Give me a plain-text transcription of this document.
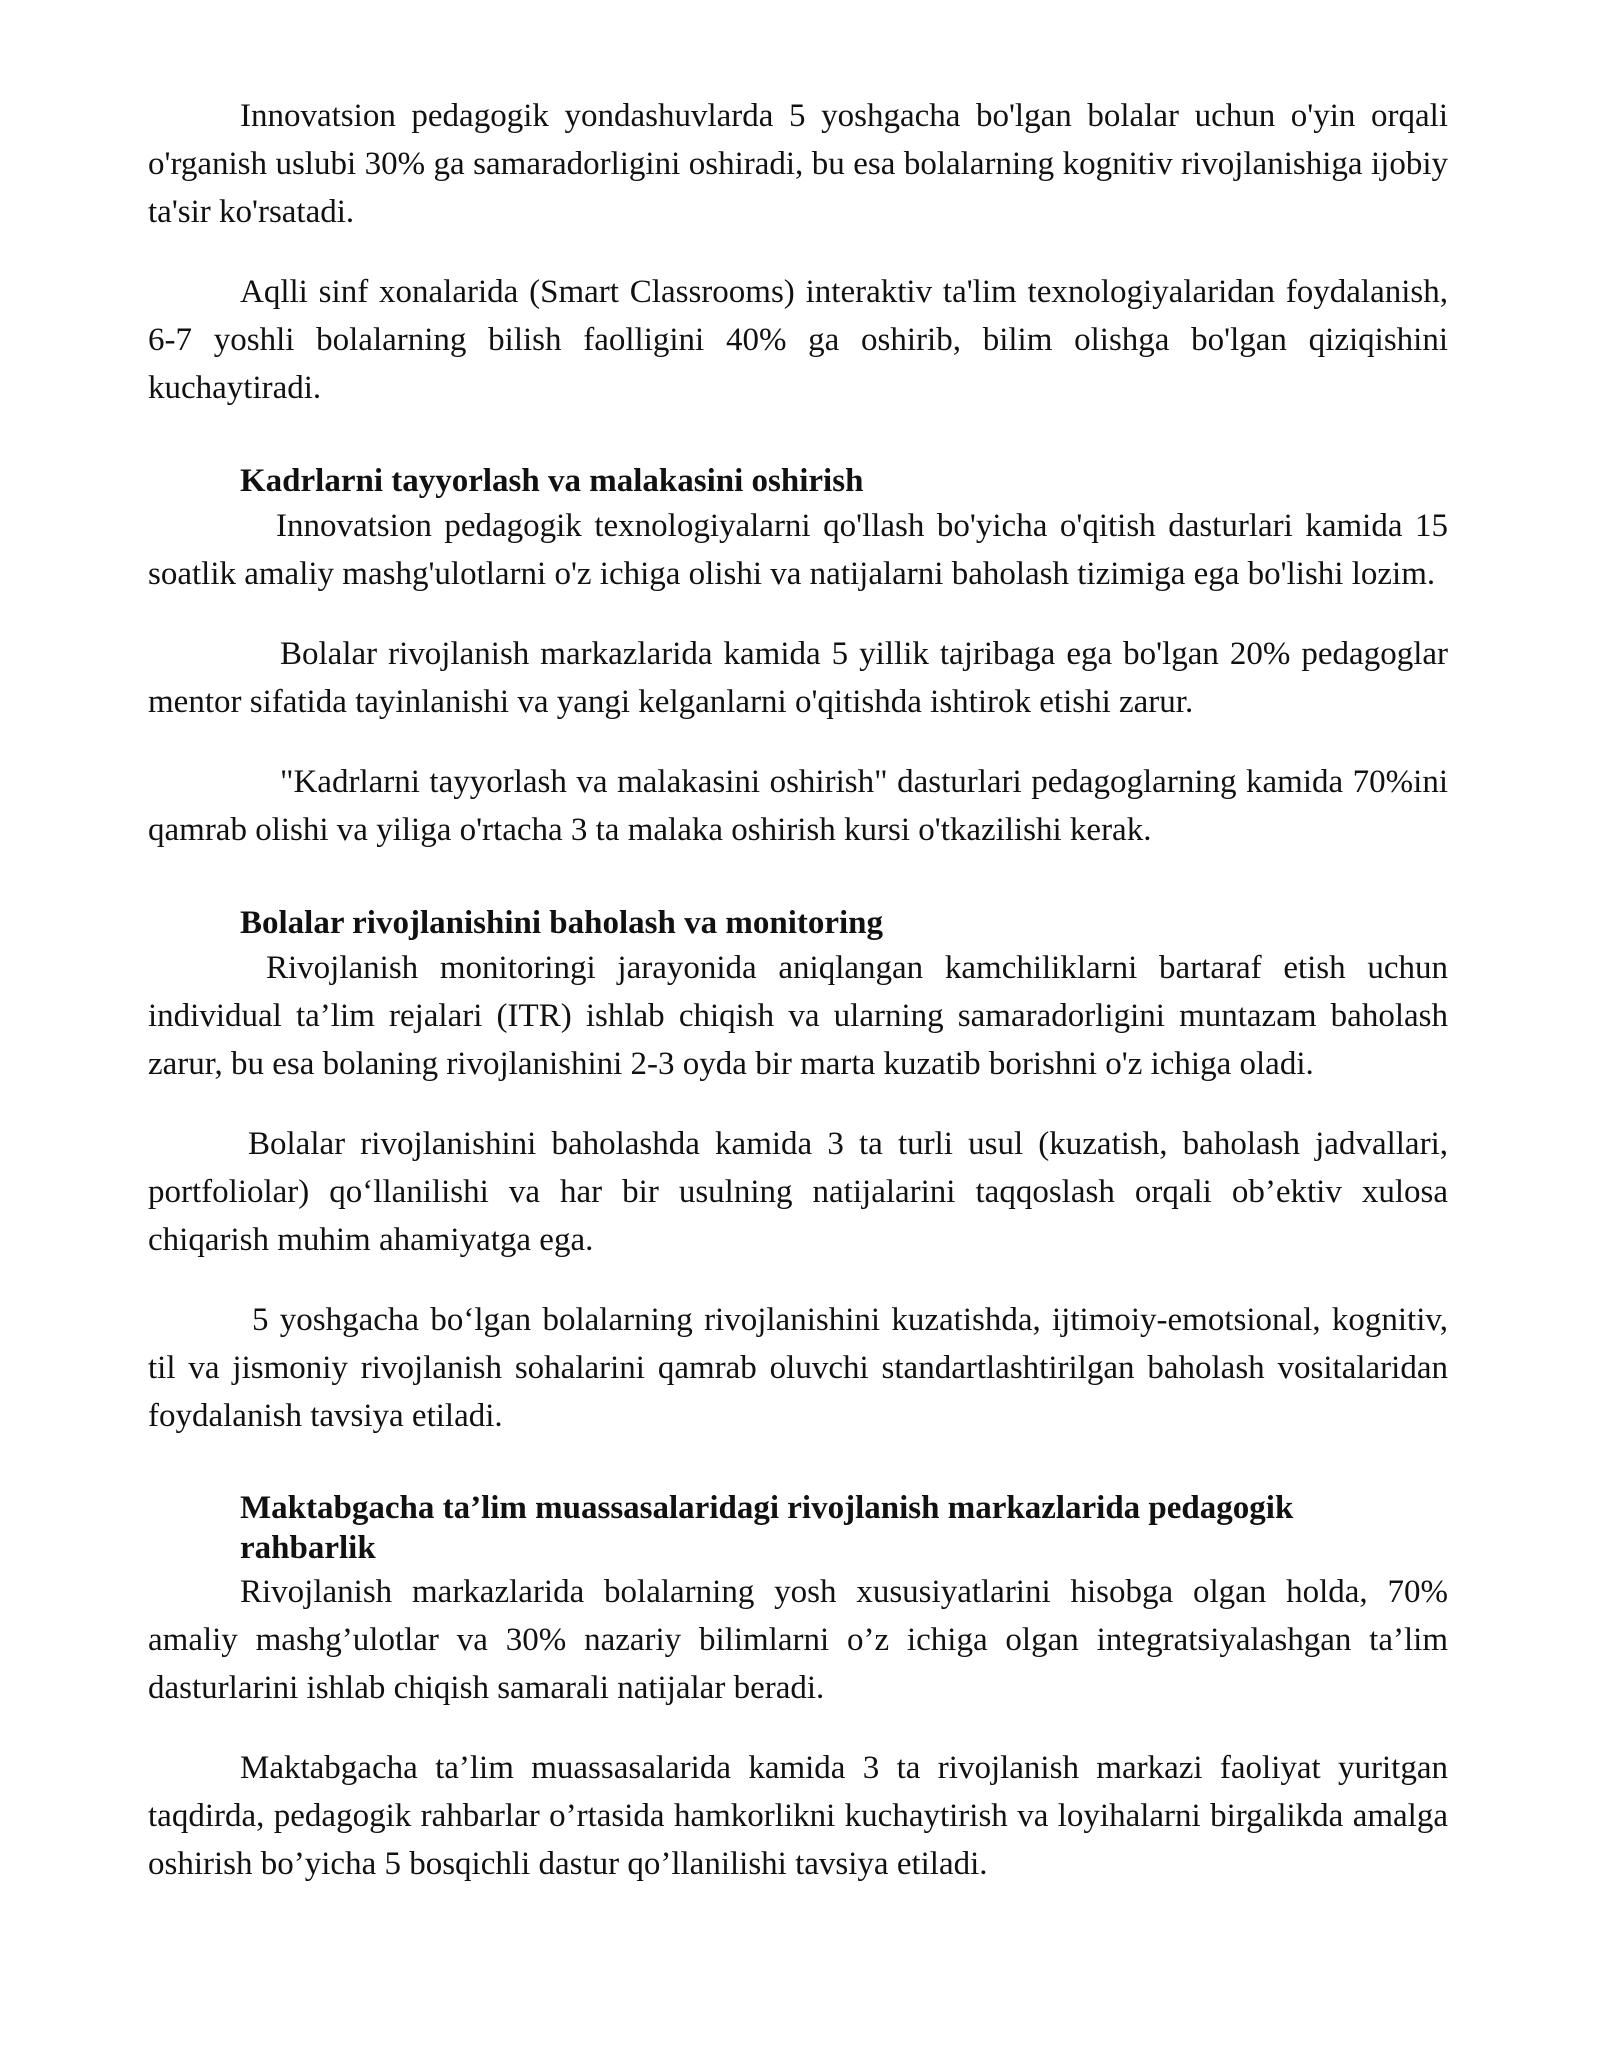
Innovatsion pedagogik yondashuvlarda 5 yoshgacha bo'lgan bolalar uchun o'yin orqali o'rganish uslubi 30% ga samaradorligini oshiradi, bu esa bolalarning kognitiv rivojlanishiga ijobiy ta'sir ko'rsatadi.

Aqlli sinf xonalarida (Smart Classrooms) interaktiv ta'lim texnologiyalaridan foydalanish, 6-7 yoshli bolalarning bilish faolligini 40% ga oshirib, bilim olishga bo'lgan qiziqishini kuchaytiradi.

Kadrlarni tayyorlash va malakasini oshirish

Innovatsion pedagogik texnologiyalarni qo'llash bo'yicha o'qitish dasturlari kamida 15 soatlik amaliy mashg'ulotlarni o'z ichiga olishi va natijalarni baholash tizimiga ega bo'lishi lozim.

Bolalar rivojlanish markazlarida kamida 5 yillik tajribaga ega bo'lgan 20% pedagoglar mentor sifatida tayinlanishi va yangi kelganlarni o'qitishda ishtirok etishi zarur.

"Kadrlarni tayyorlash va malakasini oshirish" dasturlari pedagoglarning kamida 70%ini qamrab olishi va yiliga o'rtacha 3 ta malaka oshirish kursi o'tkazilishi kerak.

Bolalar rivojlanishini baholash va monitoring

Rivojlanish monitoringi jarayonida aniqlangan kamchiliklarni bartaraf etish uchun individual ta’lim rejalari (ITR) ishlab chiqish va ularning samaradorligini muntazam baholash zarur, bu esa bolaning rivojlanishini 2-3 oyda bir marta kuzatib borishni o'z ichiga oladi.

Bolalar rivojlanishini baholashda kamida 3 ta turli usul (kuzatish, baholash jadvallari, portfoliolar) qo‘llanilishi va har bir usulning natijalarini taqqoslash orqali ob’ektiv xulosa chiqarish muhim ahamiyatga ega.

5 yoshgacha bo‘lgan bolalarning rivojlanishini kuzatishda, ijtimoiy-emotsional, kognitiv, til va jismoniy rivojlanish sohalarini qamrab oluvchi standartlashtirilgan baholash vositalaridan foydalanish tavsiya etiladi.

Maktabgacha ta’lim muassasalaridagi rivojlanish markazlarida pedagogik rahbarlik

Rivojlanish markazlarida bolalarning yosh xususiyatlarini hisobga olgan holda, 70% amaliy mashg’ulotlar va 30% nazariy bilimlarni o’z ichiga olgan integratsiyalashgan ta’lim dasturlarini ishlab chiqish samarali natijalar beradi.

Maktabgacha ta’lim muassasalarida kamida 3 ta rivojlanish markazi faoliyat yuritgan taqdirda, pedagogik rahbarlar o’rtasida hamkorlikni kuchaytirish va loyihalarni birgalikda amalga oshirish bo’yicha 5 bosqichli dastur qo’llanilishi tavsiya etiladi.
